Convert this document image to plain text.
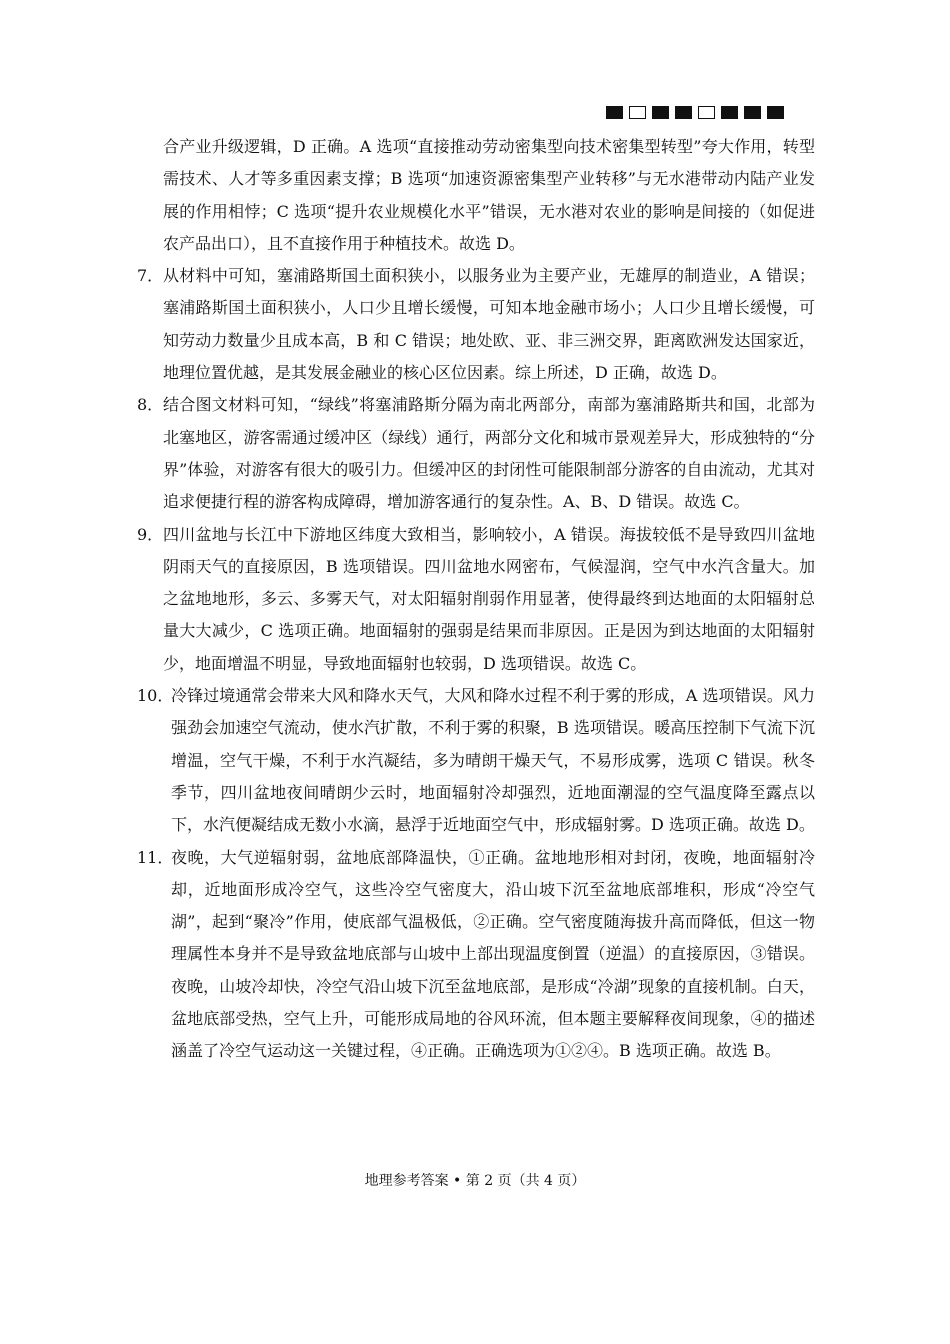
合产业升级逻辑，D 正确。A 选项“直接推动劳动密集型向技术密集型转型”夸大作用，转型需技术、人才等多重因素支撑；B 选项“加速资源密集型产业转移”与无水港带动内陆产业发展的作用相悖；C 选项“提升农业规模化水平”错误，无水港对农业的影响是间接的（如促进农产品出口），且不直接作用于种植技术。故选 D。
7． 从材料中可知，塞浦路斯国土面积狭小，以服务业为主要产业，无雄厚的制造业，A 错误；塞浦路斯国土面积狭小，人口少且增长缓慢，可知本地金融市场小；人口少且增长缓慢，可知劳动力数量少且成本高，B 和 C 错误；地处欧、亚、非三洲交界，距离欧洲发达国家近，地理位置优越，是其发展金融业的核心区位因素。综上所述，D 正确，故选 D。
8． 结合图文材料可知，“绿线”将塞浦路斯分隔为南北两部分，南部为塞浦路斯共和国，北部为北塞地区，游客需通过缓冲区（绿线）通行，两部分文化和城市景观差异大，形成独特的“分界”体验，对游客有很大的吸引力。但缓冲区的封闭性可能限制部分游客的自由流动，尤其对追求便捷行程的游客构成障碍，增加游客通行的复杂性。A、B、D 错误。故选 C。
9． 四川盆地与长江中下游地区纬度大致相当，影响较小，A 错误。海拔较低不是导致四川盆地阴雨天气的直接原因，B 选项错误。四川盆地水网密布，气候湿润，空气中水汽含量大。加之盆地地形，多云、多雾天气，对太阳辐射削弱作用显著，使得最终到达地面的太阳辐射总量大大减少，C 选项正确。地面辐射的强弱是结果而非原因。正是因为到达地面的太阳辐射少，地面增温不明显，导致地面辐射也较弱，D 选项错误。故选 C。
10．
冷锋过境通常会带来大风和降水天气，大风和降水过程不利于雾的形成，A 选项错误。风力强劲会加速空气流动，使水汽扩散，不利于雾的积聚，B 选项错误。暖高压控制下气流下沉增温，空气干燥，不利于水汽凝结，多为晴朗干燥天气，不易形成雾，选项 C 错误。秋冬季节，四川盆地夜间晴朗少云时，地面辐射冷却强烈，近地面潮湿的空气温度降至露点以下，水汽便凝结成无数小水滴，悬浮于近地面空气中，形成辐射雾。D 选项正确。故选 D。
11．
夜晚，大气逆辐射弱，盆地底部降温快，①正确。盆地地形相对封闭，夜晚，地面辐射冷却，近地面形成冷空气，这些冷空气密度大，沿山坡下沉至盆地底部堆积，形成“冷空气湖”，起到“聚冷”作用，使底部气温极低，②正确。空气密度随海拔升高而降低，但这一物理属性本身并不是导致盆地底部与山坡中上部出现温度倒置（逆温）的直接原因，③错误。夜晚，山坡冷却快，冷空气沿山坡下沉至盆地底部，是形成“冷湖”现象的直接机制。白天，盆地底部受热，空气上升，可能形成局地的谷风环流，但本题主要解释夜间现象，④的描述涵盖了冷空气运动这一关键过程，④正确。正确选项为①②④。B 选项正确。故选 B。
地理参考答案 • 第 2 页（共 4 页）
